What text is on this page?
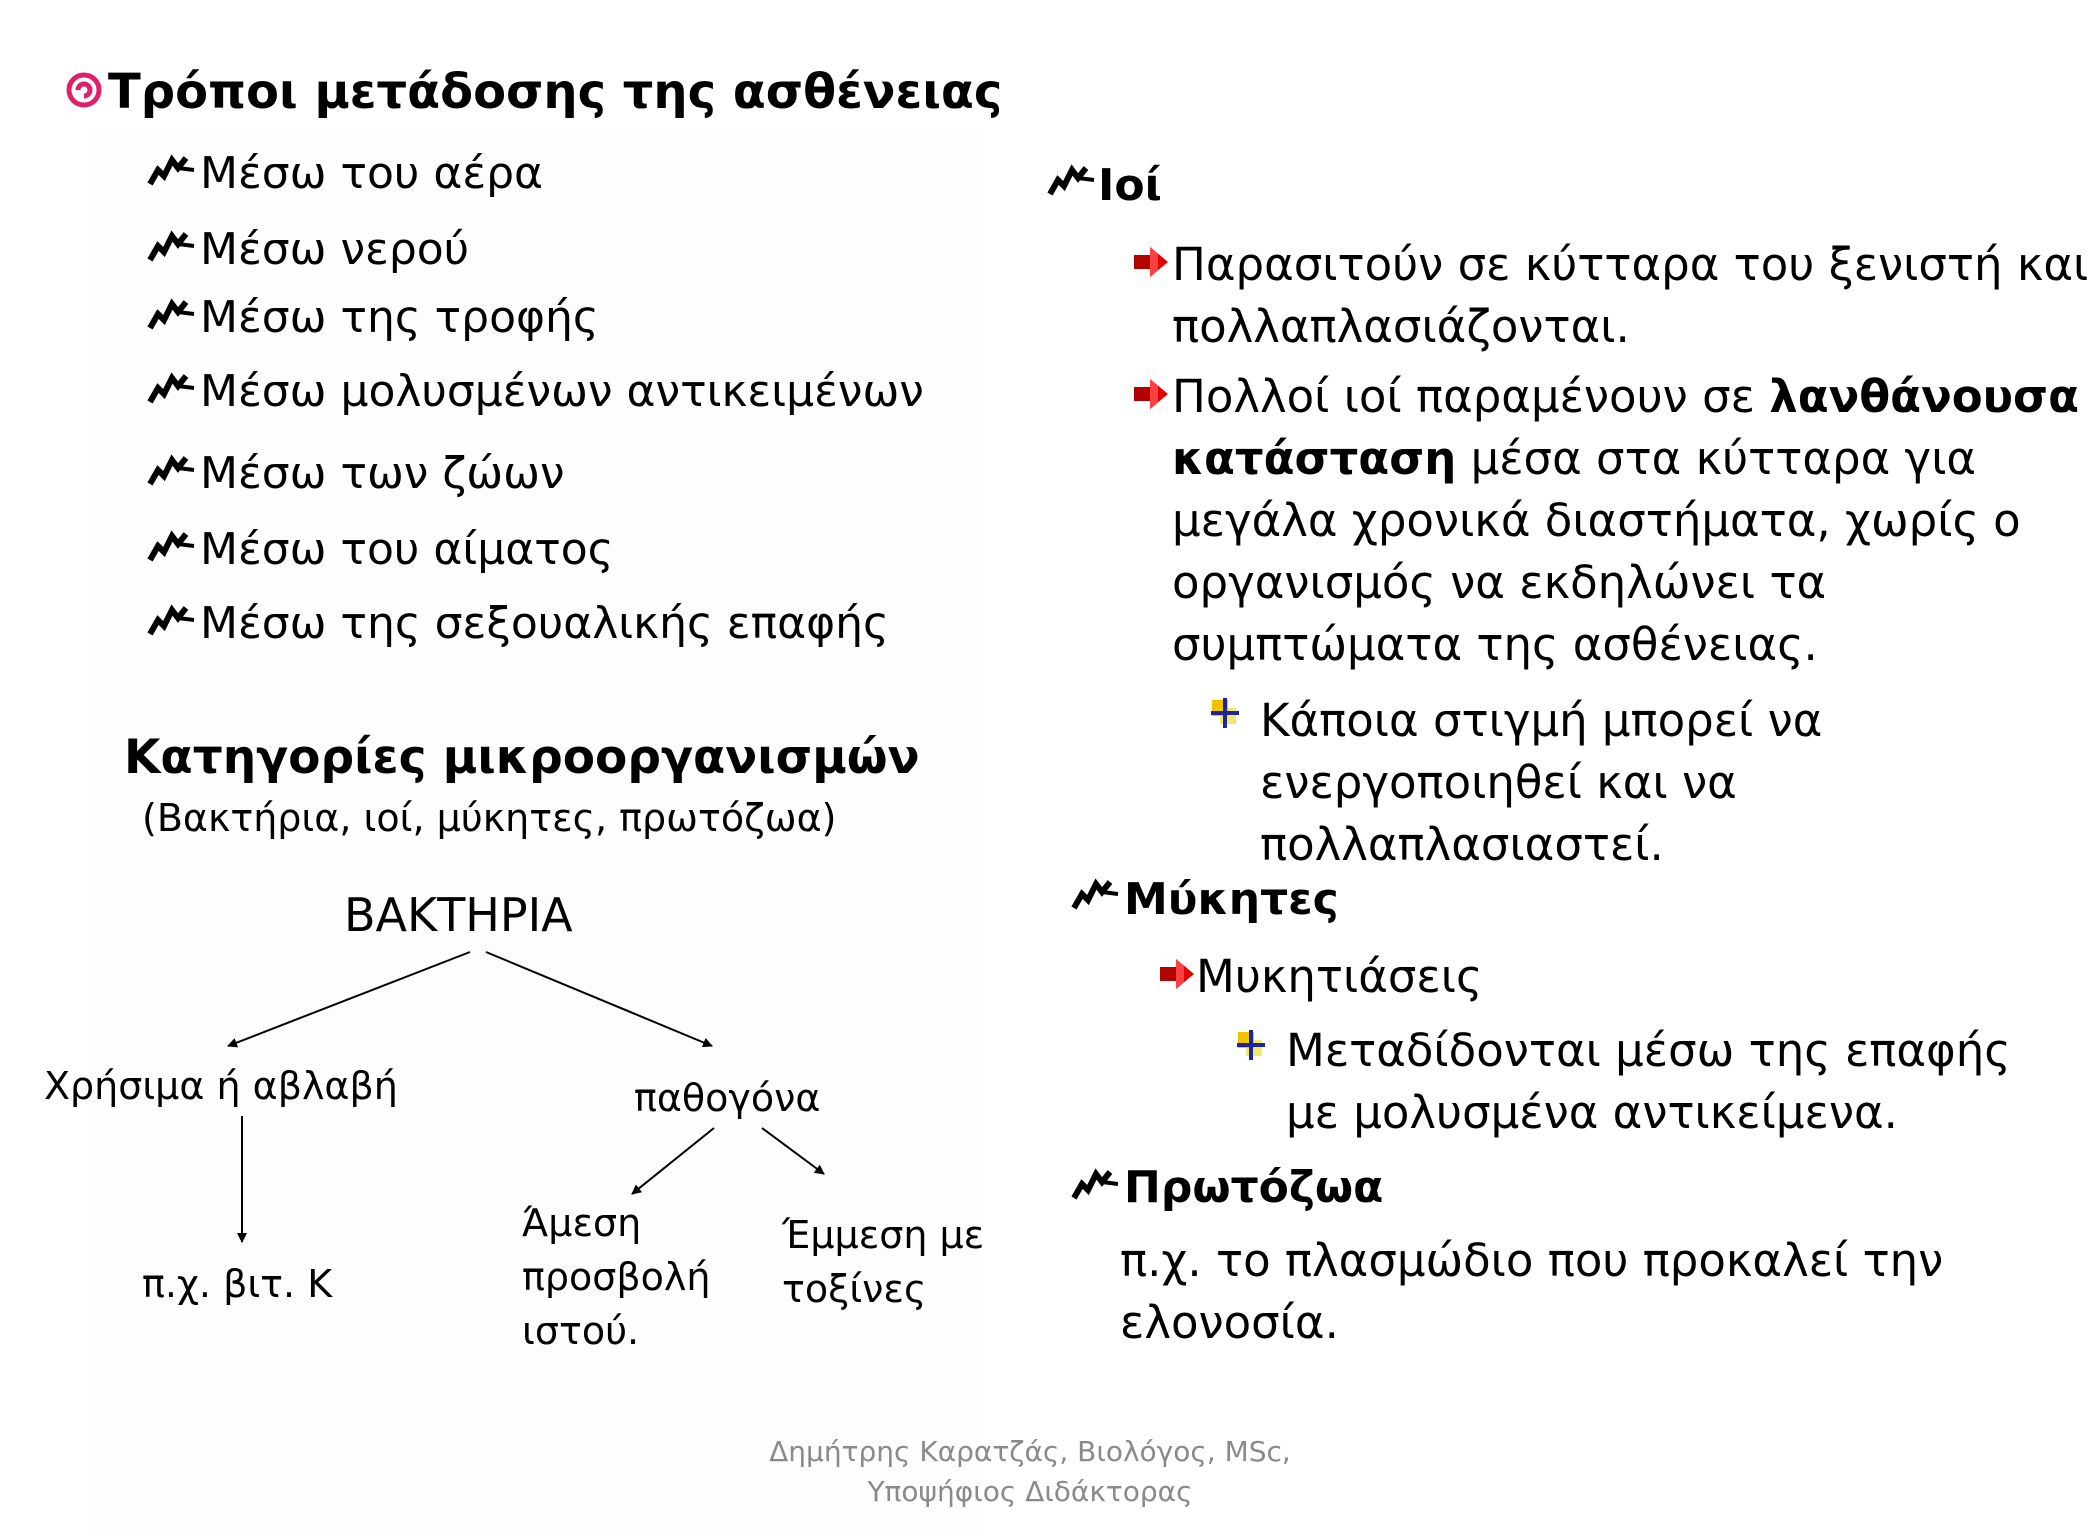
Τρόποι μετάδοσης της ασθένειας
Μέσω του αέρα
Μέσω νερού
Μέσω της τροφής
Μέσω μολυσμένων αντικειμένων
Μέσω των ζώων
Μέσω του αίματος
Μέσω της σεξουαλικής επαφής
Κατηγορίες μικροοργανισμών
(Βακτήρια, ιοί, μύκητες, πρωτόζωα)
ΒΑΚΤΗΡΙΑ
Χρήσιμα ή αβλαβή	παθογόνα
π.χ. βιτ. Κ
Άμεση
προσβολή
ιστού.
Έμμεση με
τοξίνες
Ιοί
Παρασιτούν σε κύτταρα του ξενιστή και
πολλαπλασιάζονται.
Πολλοί ιοί παραμένουν σε λανθάνουσα
κατάσταση μέσα στα κύτταρα για
μεγάλα χρονικά διαστήματα, χωρίς ο
οργανισμός να εκδηλώνει τα
συμπτώματα της ασθένειας.
Κάποια στιγμή μπορεί να
ενεργοποιηθεί και να
πολλαπλασιαστεί.
Μύκητες
Μυκητιάσεις
Μεταδίδονται μέσω της επαφής
με μολυσμένα αντικείμενα.
Πρωτόζωα
π.χ. το πλασμώδιο που προκαλεί την
ελονοσία.
Δημήτρης Καρατζάς, Βιολόγος, MSc,
Υποψήφιος Διδάκτορας
